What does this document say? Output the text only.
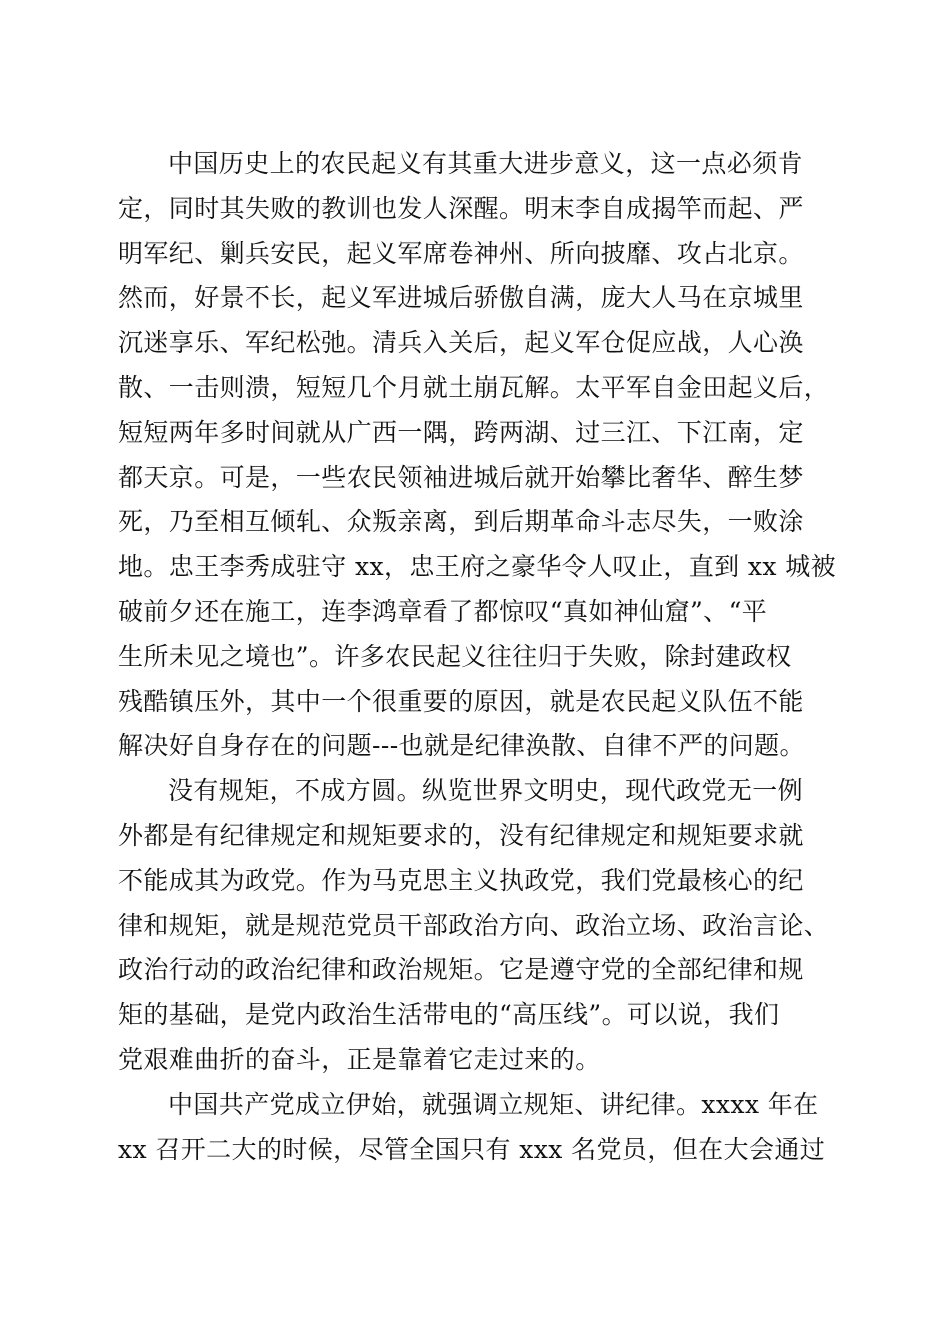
中国历史上的农民起义有其重大进步意义，这一点必须肯
定，同时其失败的教训也发人深醒。明末李自成揭竿而起、严
明军纪、剿兵安民，起义军席卷神州、所向披靡、攻占北京。
然而，好景不长，起义军进城后骄傲自满，庞大人马在京城里
沉迷享乐、军纪松弛。清兵入关后，起义军仓促应战，人心涣
散、一击则溃，短短几个月就土崩瓦解。太平军自金田起义后，
短短两年多时间就从广西一隅，跨两湖、过三江、下江南，定
都天京。可是，一些农民领袖进城后就开始攀比奢华、醉生梦
死，乃至相互倾轧、众叛亲离，到后期革命斗志尽失，一败涂
地。忠王李秀成驻守 xx，忠王府之豪华令人叹止，直到 xx 城被
破前夕还在施工，连李鸿章看了都惊叹“真如神仙窟”、“平
生所未见之境也”。许多农民起义往往归于失败，除封建政权
残酷镇压外，其中一个很重要的原因，就是农民起义队伍不能
解决好自身存在的问题---也就是纪律涣散、自律不严的问题。
没有规矩，不成方圆。纵览世界文明史，现代政党无一例
外都是有纪律规定和规矩要求的，没有纪律规定和规矩要求就
不能成其为政党。作为马克思主义执政党，我们党最核心的纪
律和规矩，就是规范党员干部政治方向、政治立场、政治言论、
政治行动的政治纪律和政治规矩。它是遵守党的全部纪律和规
矩的基础，是党内政治生活带电的“高压线”。可以说，我们
党艰难曲折的奋斗，正是靠着它走过来的。
中国共产党成立伊始，就强调立规矩、讲纪律。xxxx 年在
xx 召开二大的时候，尽管全国只有 xxx 名党员，但在大会通过
